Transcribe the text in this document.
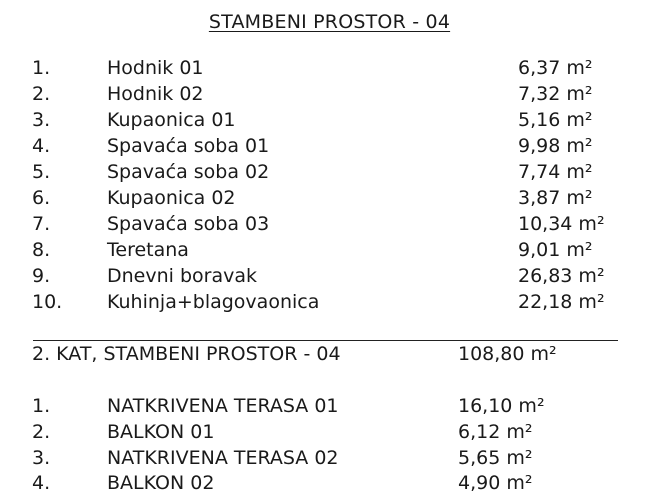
STAMBENI PROSTOR - 04
1.	Hodnik 01	6,37 m²
2.	Hodnik 02	7,32 m²
3.	Kupaonica 01	5,16 m²
4.	Spavaća soba 01	9,98 m²
5.	Spavaća soba 02	7,74 m²
6.	Kupaonica 02	3,87 m²
7.	Spavaća soba 03	10,34 m²
8.	Teretana	9,01 m²
9.	Dnevni boravak	26,83 m²
10. Kuhinja+blagovaonica	22,18 m²
2. KAT, STAMBENI PROSTOR - 04	108,80 m²
1.	NATKRIVENA TERASA 01	16,10 m²
2.	BALKON 01	6,12 m²
3.	NATKRIVENA TERASA 02	5,65 m²
4.	BALKON 02	4,90 m²
